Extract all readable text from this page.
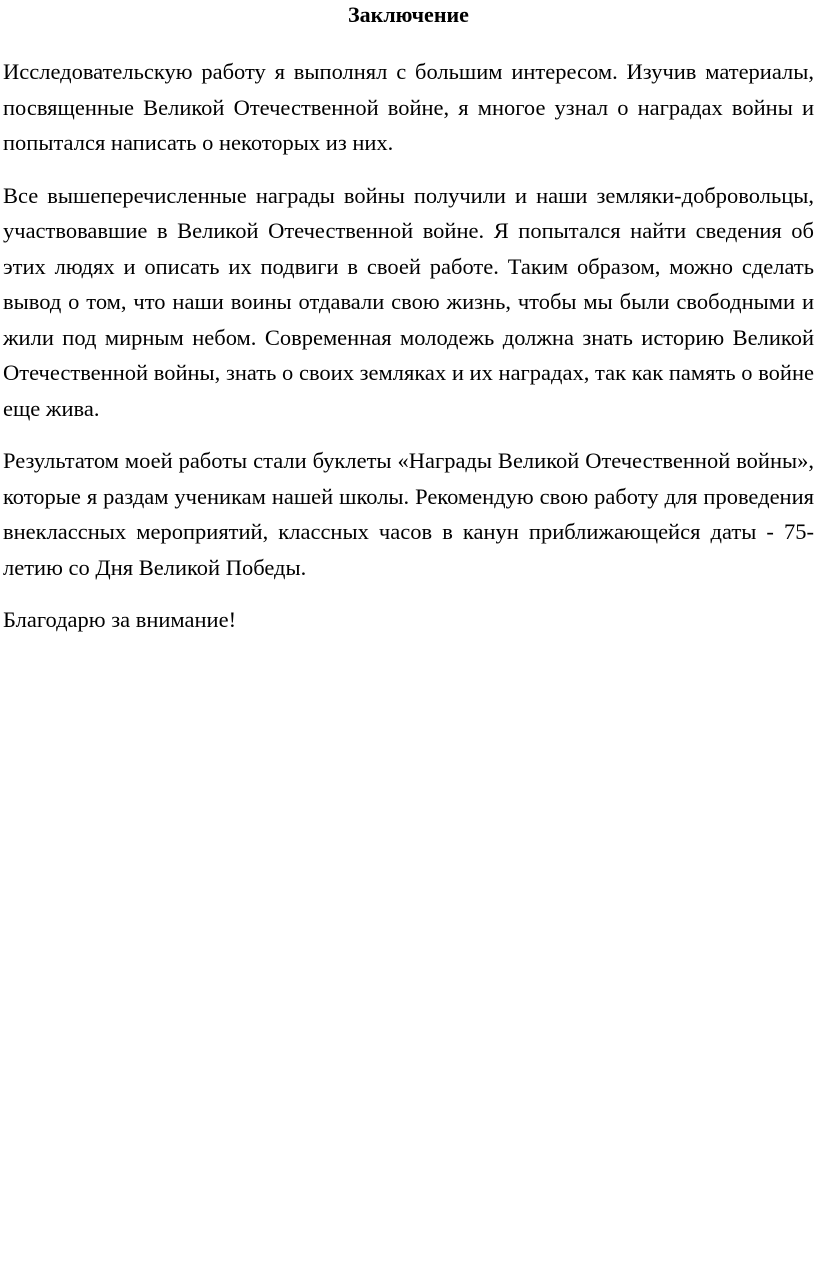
Заключение

Исследовательскую работу я выполнял с большим интересом. Изучив материалы, посвященные Великой Отечественной войне, я многое узнал о наградах войны и попытался написать о некоторых из них.

Все вышеперечисленные награды войны получили и наши земляки-добровольцы, участвовавшие в Великой Отечественной войне. Я попытался найти сведения об этих людях и описать их подвиги в своей работе. Таким образом, можно сделать вывод о том, что наши воины отдавали свою жизнь, чтобы мы были свободными и жили под мирным небом. Современная молодежь должна знать историю Великой Отечественной войны, знать о своих земляках и их наградах, так как память о войне еще жива.

Результатом моей работы стали буклеты «Награды Великой Отечественной войны», которые я раздам ученикам нашей школы. Рекомендую свою работу для проведения внеклассных мероприятий, классных часов в канун приближающейся даты - 75-летию со Дня Великой Победы.

Благодарю за внимание!
